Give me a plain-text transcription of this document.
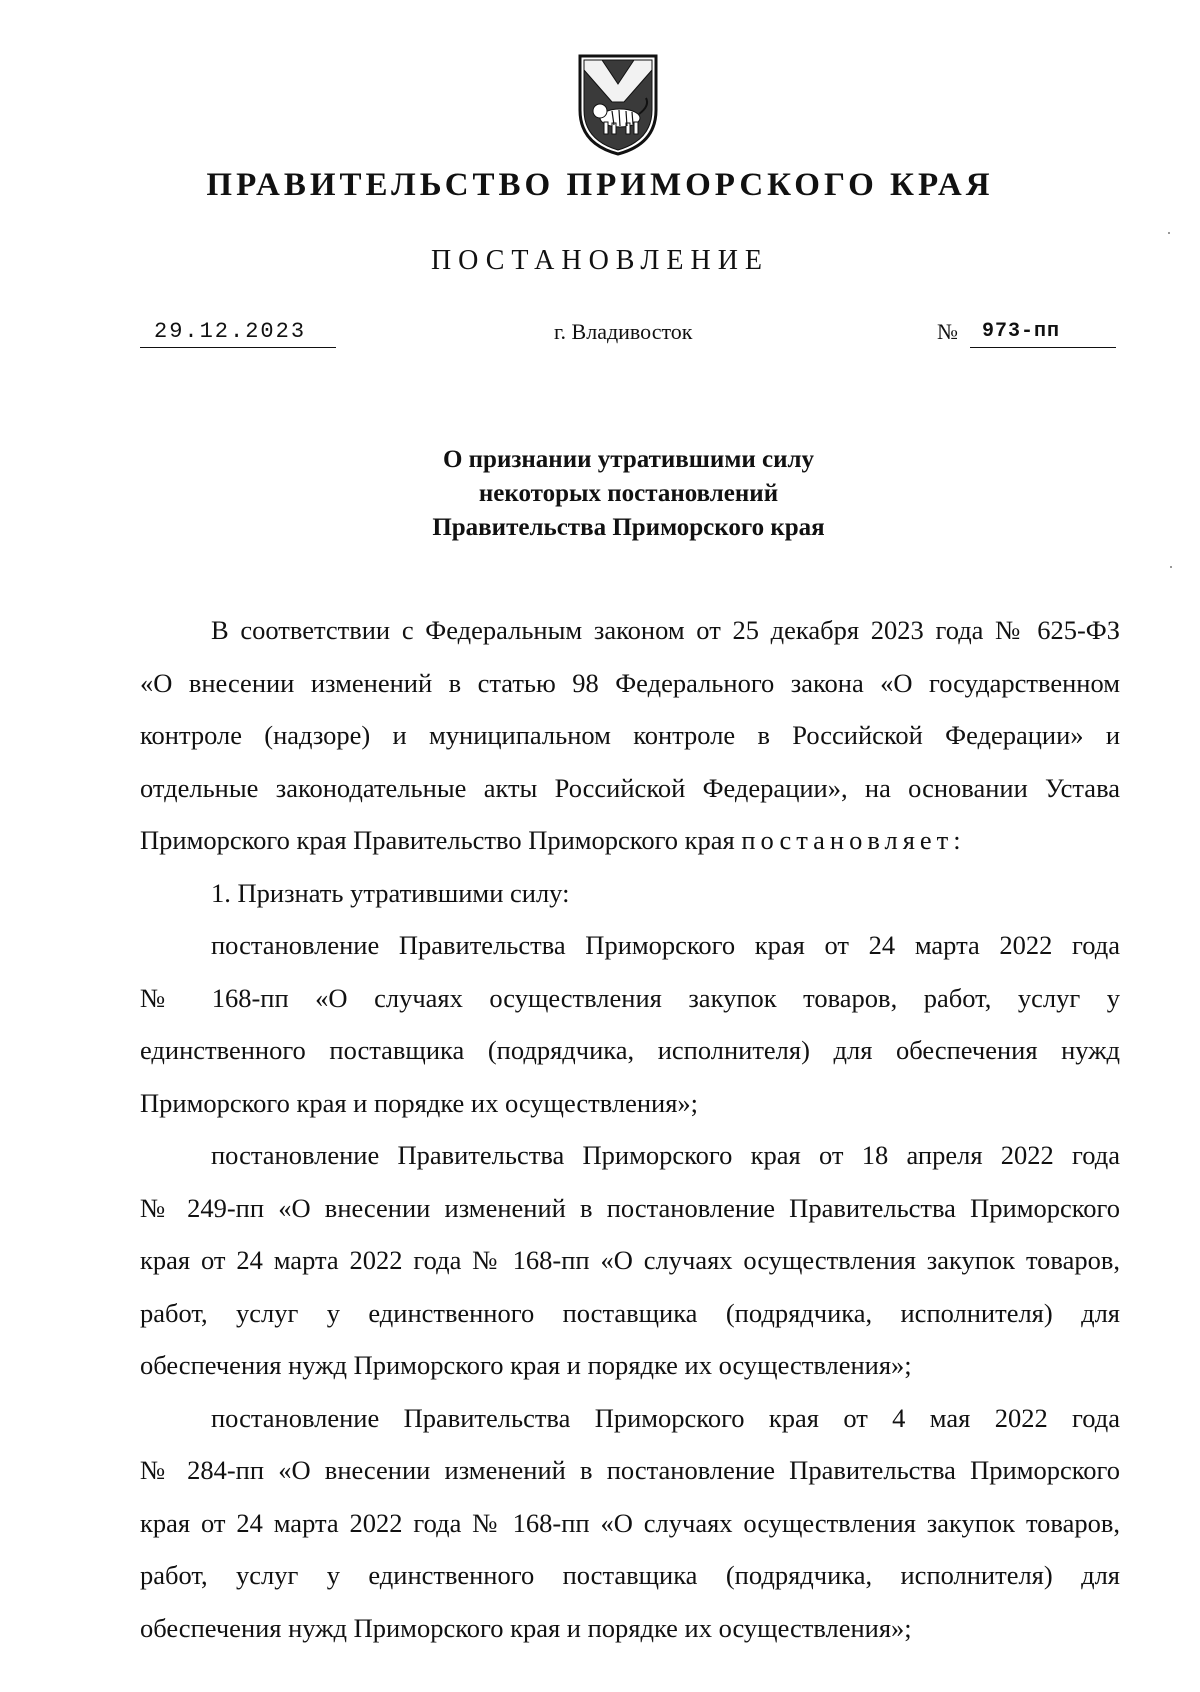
ПРАВИТЕЛЬСТВО ПРИМОРСКОГО КРАЯ
ПОСТАНОВЛЕНИЕ
29.12.2023	г. Владивосток	№	973-пп
О признании утратившими силу
некоторых постановлений
Правительства Приморского края
В соответствии с Федеральным законом от 25 декабря 2023 года № 625-ФЗ
«О внесении изменений в статью 98 Федерального закона «О государственном
контроле (надзоре) и муниципальном контроле в Российской Федерации» и
отдельные законодательные акты Российской Федерации», на основании Устава
Приморского края Правительство Приморского края постановляет:
1. Признать утратившими силу:
постановление Правительства Приморского края от 24 марта 2022 года
№ 168-пп «О случаях осуществления закупок товаров, работ, услуг у
единственного поставщика (подрядчика, исполнителя) для обеспечения нужд
Приморского края и порядке их осуществления»;
постановление Правительства Приморского края от 18 апреля 2022 года
№ 249-пп «О внесении изменений в постановление Правительства Приморского
края от 24 марта 2022 года № 168-пп «О случаях осуществления закупок товаров,
работ, услуг у единственного поставщика (подрядчика, исполнителя) для
обеспечения нужд Приморского края и порядке их осуществления»;
постановление Правительства Приморского края от 4 мая 2022 года
№ 284-пп «О внесении изменений в постановление Правительства Приморского
края от 24 марта 2022 года № 168-пп «О случаях осуществления закупок товаров,
работ, услуг у единственного поставщика (подрядчика, исполнителя) для
обеспечения нужд Приморского края и порядке их осуществления»;
